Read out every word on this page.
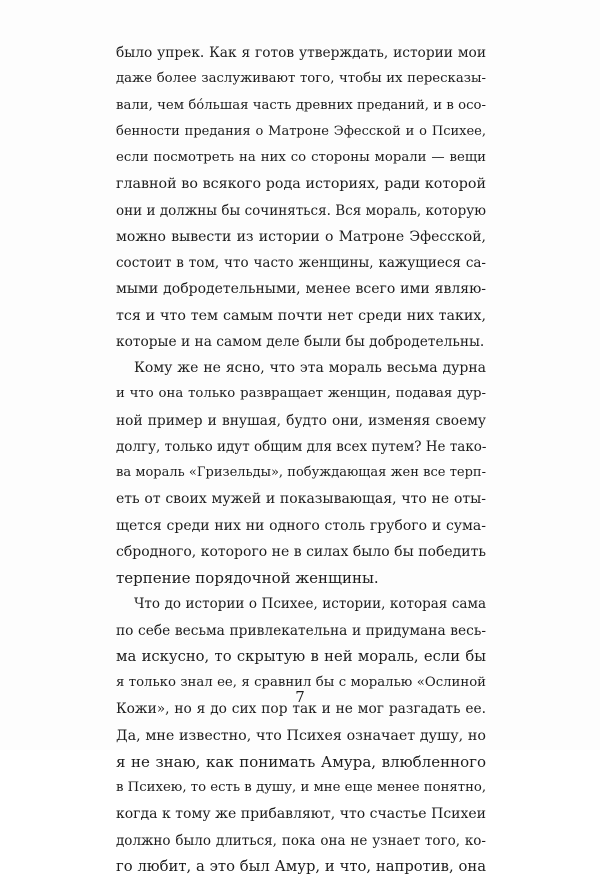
было упрек. Как я готов утверждать, истории мои
даже более заслуживают того, чтобы их пересказы-
вали, чем бóльшая часть древних преданий, и в осо-
бенности предания о Матроне Эфесской и о Психее,
если посмотреть на них со стороны морали — вещи
главной во всякого рода историях, ради которой
они и должны бы сочиняться. Вся мораль, которую
можно вывести из истории о Матроне Эфесской,
состоит в том, что часто женщины, кажущиеся са-
мыми добродетельными, менее всего ими являю-
тся и что тем самым почти нет среди них таких,
которые и на самом деле были бы добродетельны.
Кому же не ясно, что эта мораль весьма дурна
и что она только развращает женщин, подавая дур-
ной пример и внушая, будто они, изменяя своему
долгу, только идут общим для всех путем? Не тако-
ва мораль «Гризельды», побуждающая жен все терп-
еть от своих мужей и показывающая, что не оты-
щется среди них ни одного столь грубого и сума-
сбродного, которого не в силах было бы победить
терпение порядочной женщины.
Что до истории о Психее, истории, которая сама
по себе весьма привлекательна и придумана весь-
ма искусно, то скрытую в ней мораль, если бы
я только знал ее, я сравнил бы с моралью «Ослиной
Кожи», но я до сих пор так и не мог разгадать ее.
Да, мне известно, что Психея означает душу, но
я не знаю, как понимать Амура, влюбленного
в Психею, то есть в душу, и мне еще менее понятно,
когда к тому же прибавляют, что счастье Психеи
должно было длиться, пока она не узнает того, ко-
го любит, а это был Амур, и что, напротив, она
7
